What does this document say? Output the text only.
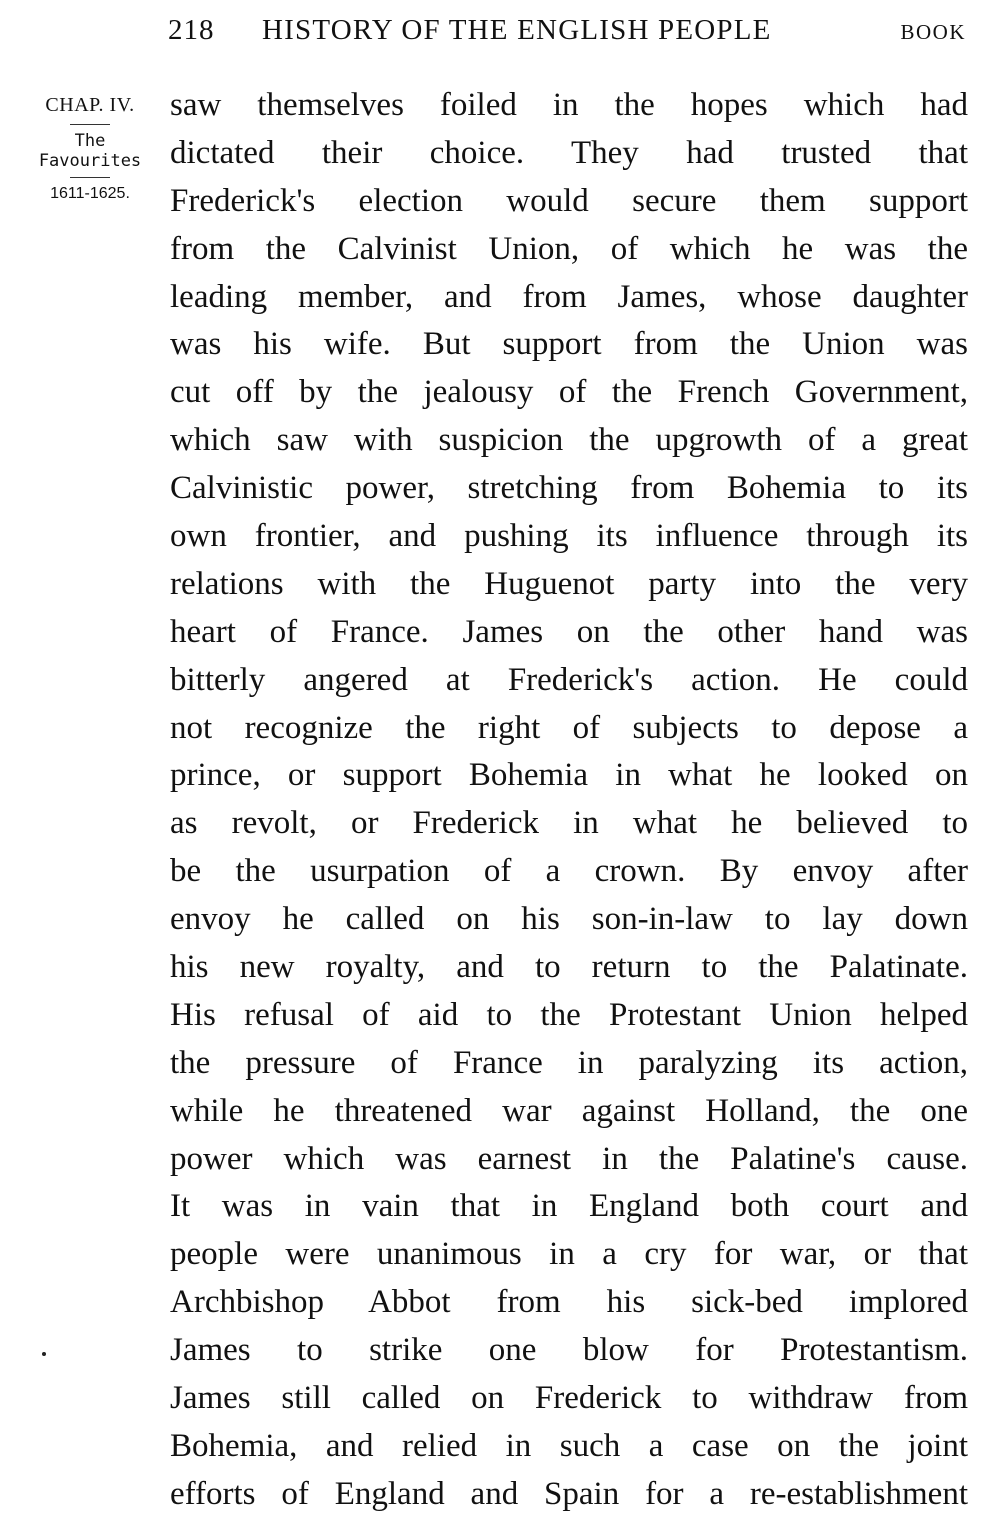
218 HISTORY OF THE ENGLISH PEOPLE	BOOK
CHAP. IV.
The
Favourites
1611-1625.
saw themselves foiled in the hopes which had
dictated their choice. They had trusted that
Frederick's election would secure them support
from the Calvinist Union, of which he was the
leading member, and from James, whose daughter
was his wife. But support from the Union was
cut off by the jealousy of the French Government,
which saw with suspicion the upgrowth of a great
Calvinistic power, stretching from Bohemia to its
own frontier, and pushing its influence through its
relations with the Huguenot party into the very
heart of France. James on the other hand was
bitterly angered at Frederick's action. He could
not recognize the right of subjects to depose a
prince, or support Bohemia in what he looked on
as revolt, or Frederick in what he believed to
be the usurpation of a crown. By envoy after
envoy he called on his son-in-law to lay down
his new royalty, and to return to the Palatinate.
His refusal of aid to the Protestant Union helped
the pressure of France in paralyzing its action,
while he threatened war against Holland, the one
power which was earnest in the Palatine's cause.
It was in vain that in England both court and
people were unanimous in a cry for war, or that
Archbishop Abbot from his sick-bed implored
James to strike one blow for Protestantism.
James still called on Frederick to withdraw from
Bohemia, and relied in such a case on the joint
efforts of England and Spain for a re-establishment
